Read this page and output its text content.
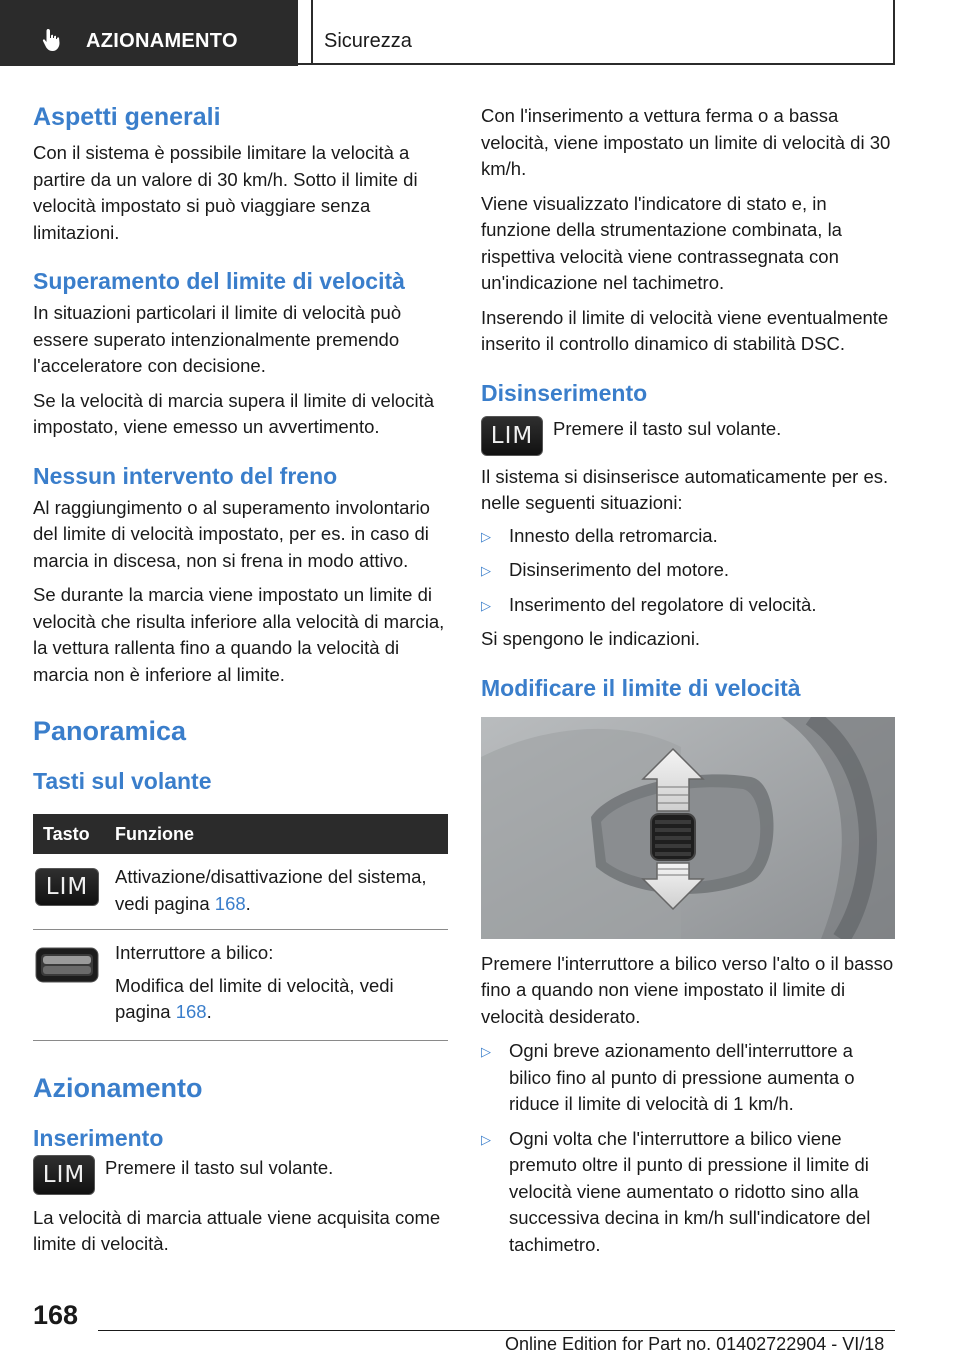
AZIONAMENTO	Sicurezza
Aspetti generali

Con il sistema è possibile limitare la velocità a partire da un valore di 30 km/h. Sotto il limite di velocità impostato si può viaggiare senza limitazioni.

Superamento del limite di velocità

In situazioni particolari il limite di velocità può essere superato intenzionalmente premendo l'acceleratore con decisione.

Se la velocità di marcia supera il limite di velocità impostato, viene emesso un avvertimento.

Nessun intervento del freno

Al raggiungimento o al superamento involontario del limite di velocità impostato, per es. in caso di marcia in discesa, non si frena in modo attivo.

Se durante la marcia viene impostato un limite di velocità che risulta inferiore alla velocità di marcia, la vettura rallenta fino a quando la velocità di marcia non è inferiore al limite.

Panoramica
Tasti sul volante
Tasto	Funzione
LIM	Attivazione/disattivazione del sistema, vedi pagina 168.

Interruttore a bilico:

Modifica del limite di velocità, vedi pagina 168.

Azionamento
Inserimento
LIM	Premere il tasto sul volante.

La velocità di marcia attuale viene acquisita come limite di velocità.

Con l'inserimento a vettura ferma o a bassa velocità, viene impostato un limite di velocità di 30 km/h.

Viene visualizzato l'indicatore di stato e, in funzione della strumentazione combinata, la rispettiva velocità viene contrassegnata con un'indicazione nel tachimetro.

Inserendo il limite di velocità viene eventualmente inserito il controllo dinamico di stabilità DSC.

Disinserimento
LIM	Premere il tasto sul volante.

Il sistema si disinserisce automaticamente per es. nelle seguenti situazioni:

▷ Innesto della retromarcia.
▷ Disinserimento del motore.
▷ Inserimento del regolatore di velocità.

Si spengono le indicazioni.

Modificare il limite di velocità

Premere l'interruttore a bilico verso l'alto o il basso fino a quando non viene impostato il limite di velocità desiderato.

▷ Ogni breve azionamento dell'interruttore a bilico fino al punto di pressione aumenta o riduce il limite di velocità di 1 km/h.
▷ Ogni volta che l'interruttore a bilico viene premuto oltre il punto di pressione il limite di velocità viene aumentato o ridotto sino alla successiva decina in km/h sull'indicatore del tachimetro.
168
Online Edition for Part no. 01402722904 - VI/18
